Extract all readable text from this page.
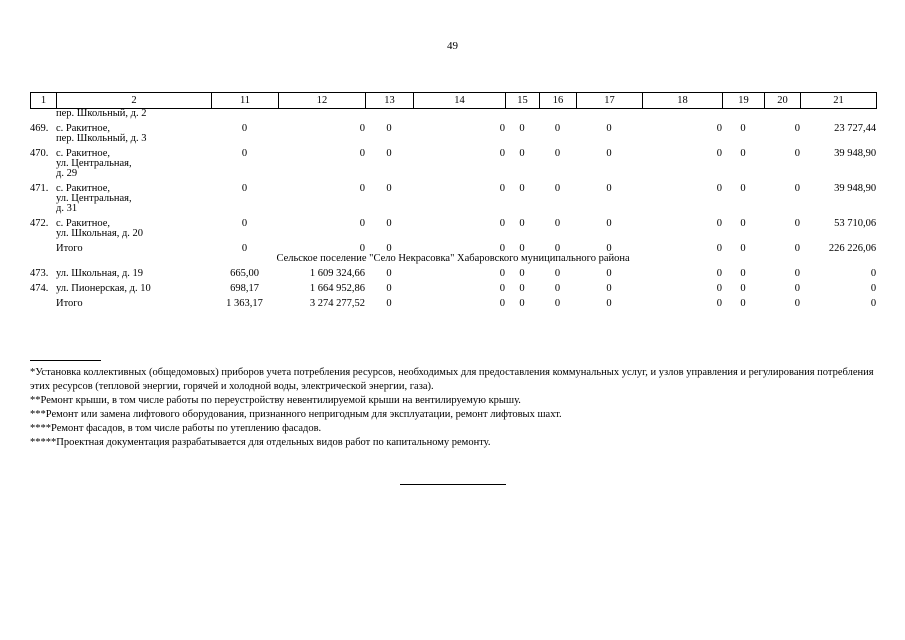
49
1	2	11	12	13	14	15	16	17	18	19	20	21
	пер. Школьный, д. 2											
469.	с. Ракитное,
пер. Школьный, д. 3	0	0	0	0	0	0	0	0	0	0	23 727,44
470.	с. Ракитное,
ул. Центральная,
д. 29	0	0	0	0	0	0	0	0	0	0	39 948,90
471.	с. Ракитное,
ул. Центральная,
д. 31	0	0	0	0	0	0	0	0	0	0	39 948,90
472.	с. Ракитное,
ул. Школьная, д. 20	0	0	0	0	0	0	0	0	0	0	53 710,06
	Итого	0	0	0	0	0	0	0	0	0	0	226 226,06
Сельское поселение "Село Некрасовка" Хабаровского муниципального района												
473.	ул. Школьная, д. 19	665,00	1 609 324,66	0	0	0	0	0	0	0	0	0
474.	ул. Пионерская, д. 10	698,17	1 664 952,86	0	0	0	0	0	0	0	0	0
	Итого	1 363,17	3 274 277,52	0	0	0	0	0	0	0	0	0
*Установка коллективных (общедомовых) приборов учета потребления ресурсов, необходимых для предоставления коммунальных услуг, и узлов управления и регулирования потребления этих ресурсов (тепловой энергии, горячей и холодной воды, электрической энергии, газа).
**Ремонт крыши, в том числе работы по переустройству невентилируемой крыши на вентилируемую крышу.
***Ремонт или замена лифтового оборудования, признанного непригодным для эксплуатации, ремонт лифтовых шахт.
****Ремонт фасадов, в том числе работы по утеплению фасадов.
*****Проектная документация разрабатывается для отдельных видов работ по капитальному ремонту.
